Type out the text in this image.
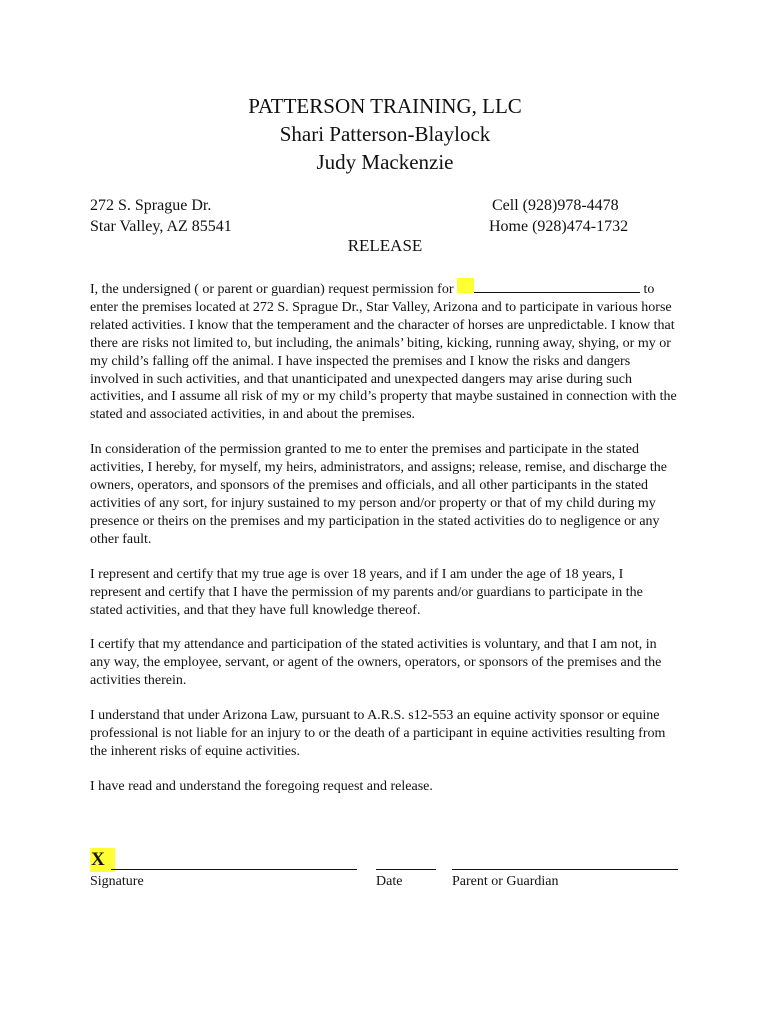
PATTERSON TRAINING, LLC
Shari Patterson-Blaylock
Judy Mackenzie
272 S. Sprague Dr.
Star Valley, AZ 85541
Cell (928)978-4478
Home (928)474-1732
RELEASE

I, the undersigned ( or parent or guardian) request permission for	to enter the premises located at 272 S. Sprague Dr., Star Valley, Arizona and to participate in various horse related activities. I know that the temperament and the character of horses are unpredictable. I know that there are risks not limited to, but including, the animals’ biting, kicking, running away, shying, or my or my child’s falling off the animal. I have inspected the premises and I know the risks and dangers involved in such activities, and that unanticipated and unexpected dangers may arise during such activities, and I assume all risk of my or my child’s property that maybe sustained in connection with the stated and associated activities, in and about the premises.

In consideration of the permission granted to me to enter the premises and participate in the stated activities, I hereby, for myself, my heirs, administrators, and assigns; release, remise, and discharge the owners, operators, and sponsors of the premises and officials, and all other participants in the stated activities of any sort, for injury sustained to my person and/or property or that of my child during my presence or theirs on the premises and my participation in the stated activities do to negligence or any other fault.

I represent and certify that my true age is over 18 years, and if I am under the age of 18 years, I represent and certify that I have the permission of my parents and/or guardians to participate in the stated activities, and that they have full knowledge thereof.

I certify that my attendance and participation of the stated activities is voluntary, and that I am not, in any way, the employee, servant, or agent of the owners, operators, or sponsors of the premises and the activities therein.

I understand that under Arizona Law, pursuant to A.R.S. s12-553 an equine activity sponsor or equine professional is not liable for an injury to or the death of a participant in equine activities resulting from the inherent risks of equine activities.

I have read and understand the foregoing request and release.

X
Signature	Date	Parent or Guardian
